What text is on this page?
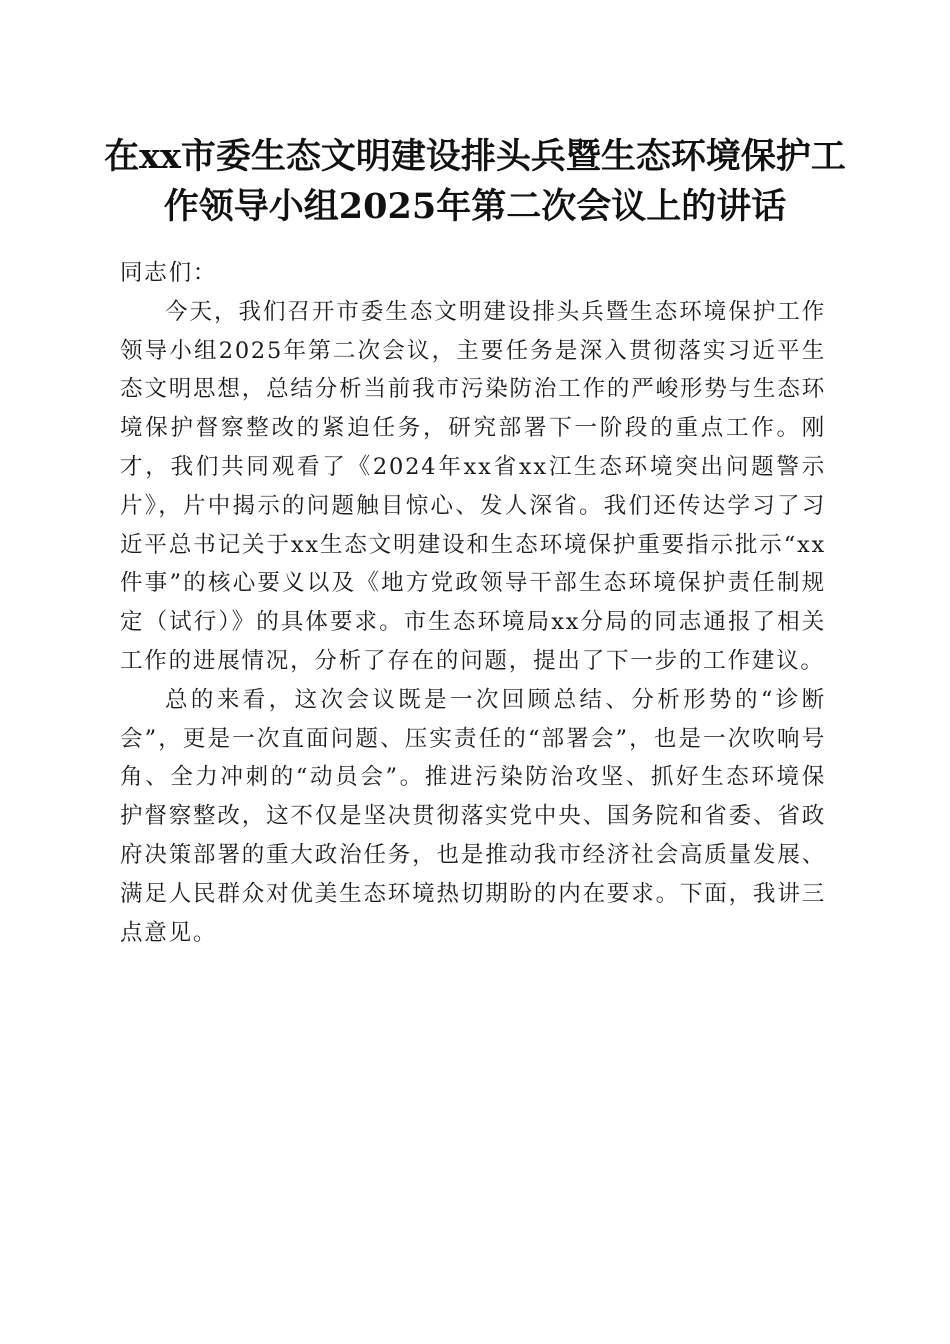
在xx市委生态文明建设排头兵暨生态环境保护工作领导小组2025年第二次会议上的讲话

同志们：

今天，我们召开市委生态文明建设排头兵暨生态环境保护工作领导小组2025年第二次会议，主要任务是深入贯彻落实习近平生态文明思想，总结分析当前我市污染防治工作的严峻形势与生态环境保护督察整改的紧迫任务，研究部署下一阶段的重点工作。刚才，我们共同观看了《2024年xx省xx江生态环境突出问题警示片》，片中揭示的问题触目惊心、发人深省。我们还传达学习了习近平总书记关于xx生态文明建设和生态环境保护重要指示批示“xx件事”的核心要义以及《地方党政领导干部生态环境保护责任制规定（试行）》的具体要求。市生态环境局xx分局的同志通报了相关工作的进展情况，分析了存在的问题，提出了下一步的工作建议。

总的来看，这次会议既是一次回顾总结、分析形势的“诊断会”，更是一次直面问题、压实责任的“部署会”，也是一次吹响号角、全力冲刺的“动员会”。推进污染防治攻坚、抓好生态环境保护督察整改，这不仅是坚决贯彻落实党中央、国务院和省委、省政府决策部署的重大政治任务，也是推动我市经济社会高质量发展、满足人民群众对优美生态环境热切期盼的内在要求。下面，我讲三点意见。
